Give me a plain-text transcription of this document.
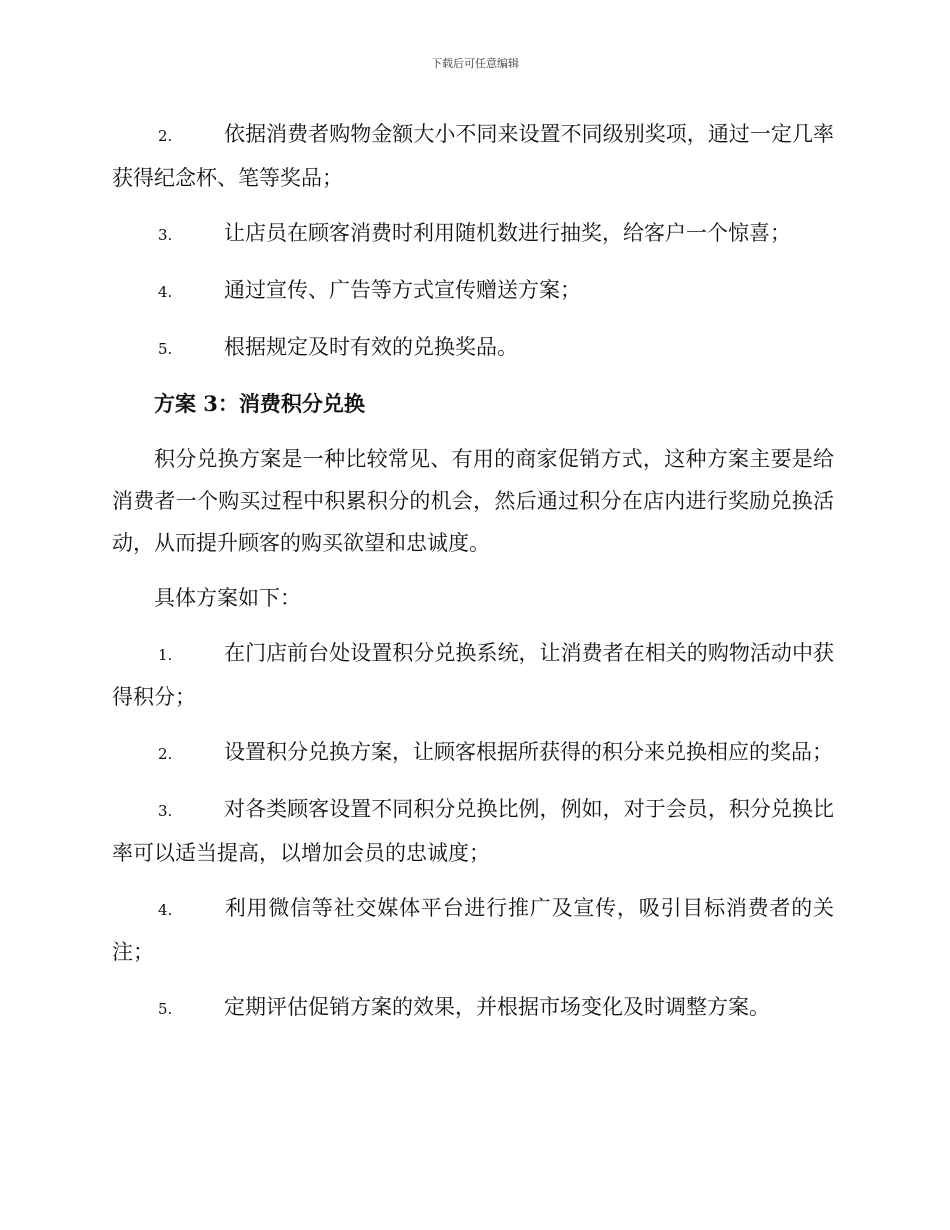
下载后可任意编辑
2. 依据消费者购物金额大小不同来设置不同级别奖项，通过一定几率获得纪念杯、笔等奖品；
3. 让店员在顾客消费时利用随机数进行抽奖，给客户一个惊喜；
4. 通过宣传、广告等方式宣传赠送方案；
5. 根据规定及时有效的兑换奖品。
方案 3：消费积分兑换
积分兑换方案是一种比较常见、有用的商家促销方式，这种方案主要是给消费者一个购买过程中积累积分的机会，然后通过积分在店内进行奖励兑换活动，从而提升顾客的购买欲望和忠诚度。
具体方案如下：
1. 在门店前台处设置积分兑换系统，让消费者在相关的购物活动中获得积分；
2. 设置积分兑换方案，让顾客根据所获得的积分来兑换相应的奖品；
3. 对各类顾客设置不同积分兑换比例，例如，对于会员，积分兑换比率可以适当提高，以增加会员的忠诚度；
4. 利用微信等社交媒体平台进行推广及宣传，吸引目标消费者的关注；
5. 定期评估促销方案的效果，并根据市场变化及时调整方案。
